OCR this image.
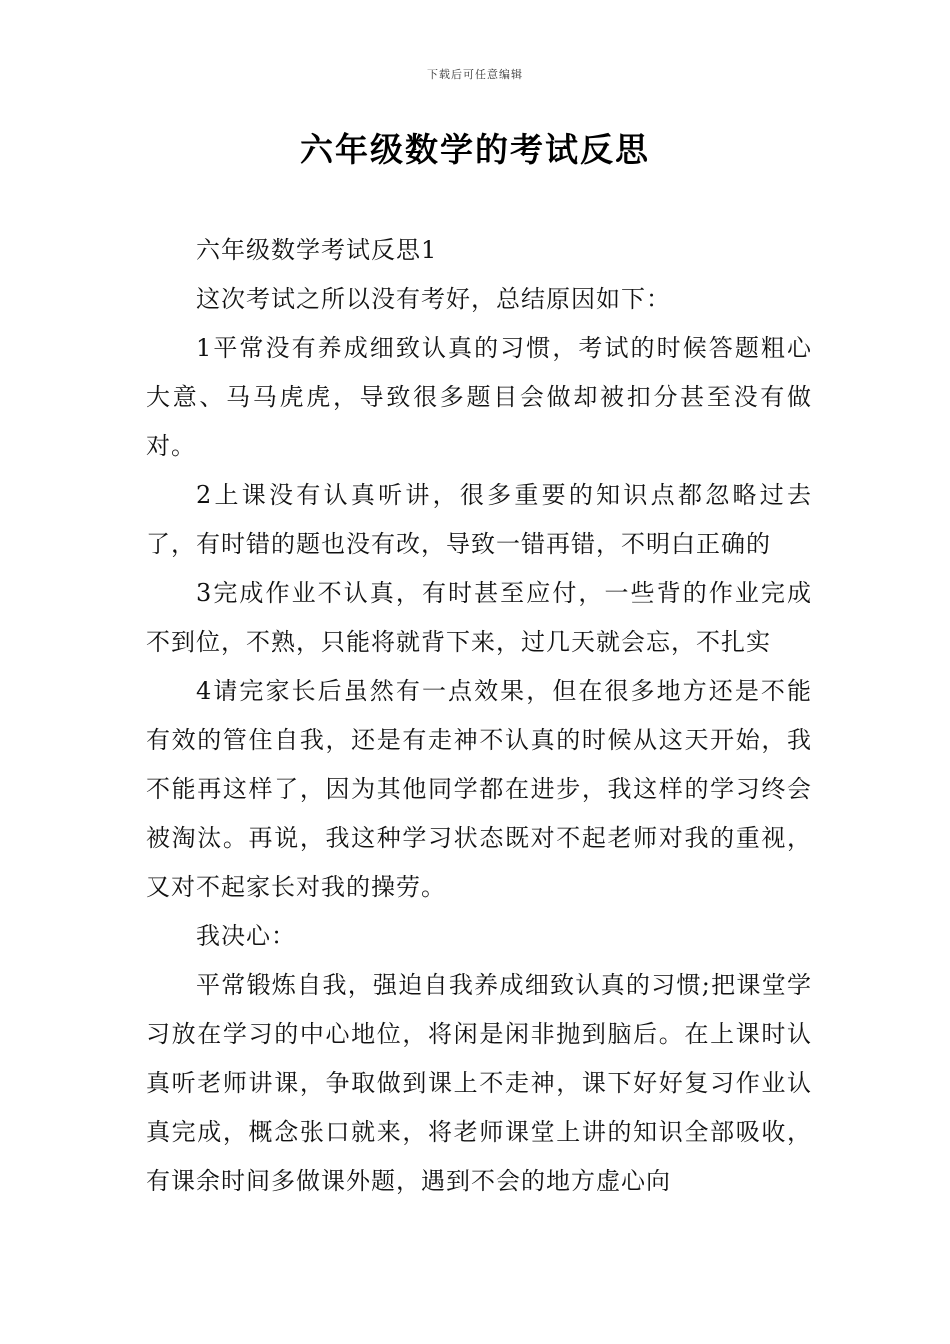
下载后可任意编辑
六年级数学的考试反思

六年级数学考试反思1

这次考试之所以没有考好，总结原因如下：

1平常没有养成细致认真的习惯，考试的时候答题粗心大意、马马虎虎，导致很多题目会做却被扣分甚至没有做对。

2上课没有认真听讲，很多重要的知识点都忽略过去了，有时错的题也没有改，导致一错再错，不明白正确的

3完成作业不认真，有时甚至应付，一些背的作业完成不到位，不熟，只能将就背下来，过几天就会忘，不扎实

4请完家长后虽然有一点效果，但在很多地方还是不能有效的管住自我，还是有走神不认真的时候从这天开始，我不能再这样了，因为其他同学都在进步，我这样的学习终会被淘汰。再说，我这种学习状态既对不起老师对我的重视，又对不起家长对我的操劳。

我决心：

平常锻炼自我，强迫自我养成细致认真的习惯;把课堂学习放在学习的中心地位，将闲是闲非抛到脑后。在上课时认真听老师讲课，争取做到课上不走神，课下好好复习作业认真完成，概念张口就来，将老师课堂上讲的知识全部吸收，有课余时间多做课外题，遇到不会的地方虚心向
